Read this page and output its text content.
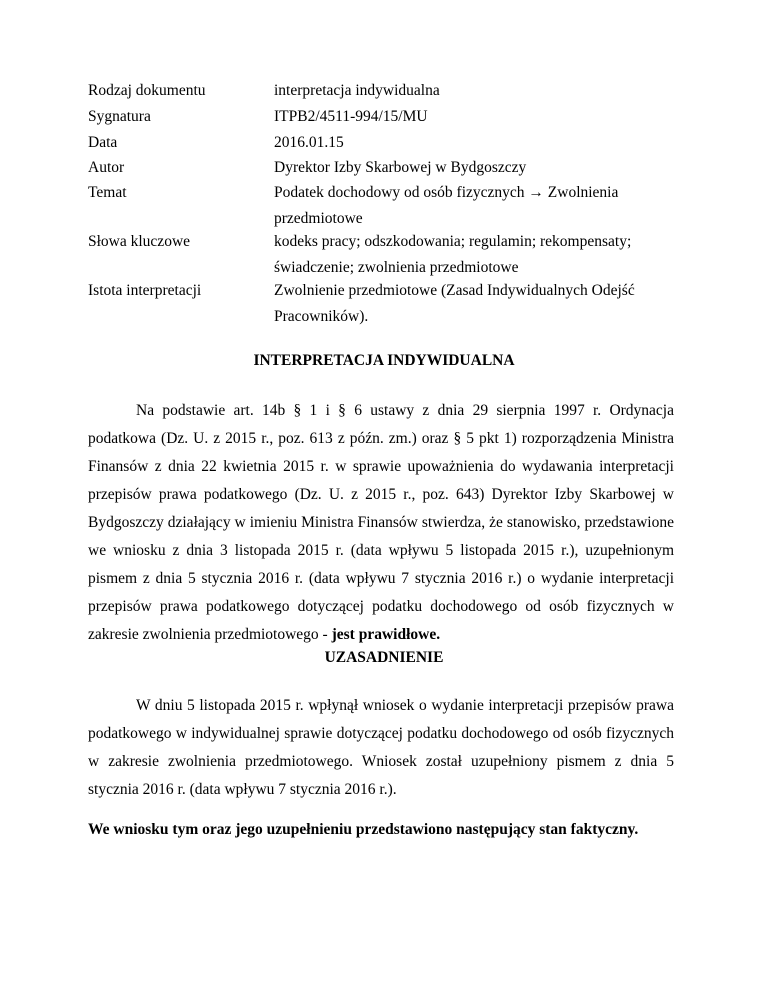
Rodzaj dokumentu	interpretacja indywidualna
Sygnatura	ITPB2/4511-994/15/MU
Data	2016.01.15
Autor	Dyrektor Izby Skarbowej w Bydgoszczy
Temat	Podatek dochodowy od osób fizycznych → Zwolnienia przedmiotowe
Słowa kluczowe	kodeks pracy; odszkodowania; regulamin; rekompensaty; świadczenie; zwolnienia przedmiotowe
Istota interpretacji	Zwolnienie przedmiotowe (Zasad Indywidualnych Odejść Pracowników).
INTERPRETACJA INDYWIDUALNA
Na podstawie art. 14b § 1 i § 6 ustawy z dnia 29 sierpnia 1997 r. Ordynacja podatkowa (Dz. U. z 2015 r., poz. 613 z późn. zm.) oraz § 5 pkt 1) rozporządzenia Ministra Finansów z dnia 22 kwietnia 2015 r. w sprawie upoważnienia do wydawania interpretacji przepisów prawa podatkowego (Dz. U. z 2015 r., poz. 643) Dyrektor Izby Skarbowej w Bydgoszczy działający w imieniu Ministra Finansów stwierdza, że stanowisko, przedstawione we wniosku z dnia 3 listopada 2015 r. (data wpływu 5 listopada 2015 r.), uzupełnionym pismem z dnia 5 stycznia 2016 r. (data wpływu 7 stycznia 2016 r.) o wydanie interpretacji przepisów prawa podatkowego dotyczącej podatku dochodowego od osób fizycznych w zakresie zwolnienia przedmiotowego - jest prawidłowe.
UZASADNIENIE
W dniu 5 listopada 2015 r. wpłynął wniosek o wydanie interpretacji przepisów prawa podatkowego w indywidualnej sprawie dotyczącej podatku dochodowego od osób fizycznych w zakresie zwolnienia przedmiotowego. Wniosek został uzupełniony pismem z dnia 5 stycznia 2016 r. (data wpływu 7 stycznia 2016 r.).
We wniosku tym oraz jego uzupełnieniu przedstawiono następujący stan faktyczny.
